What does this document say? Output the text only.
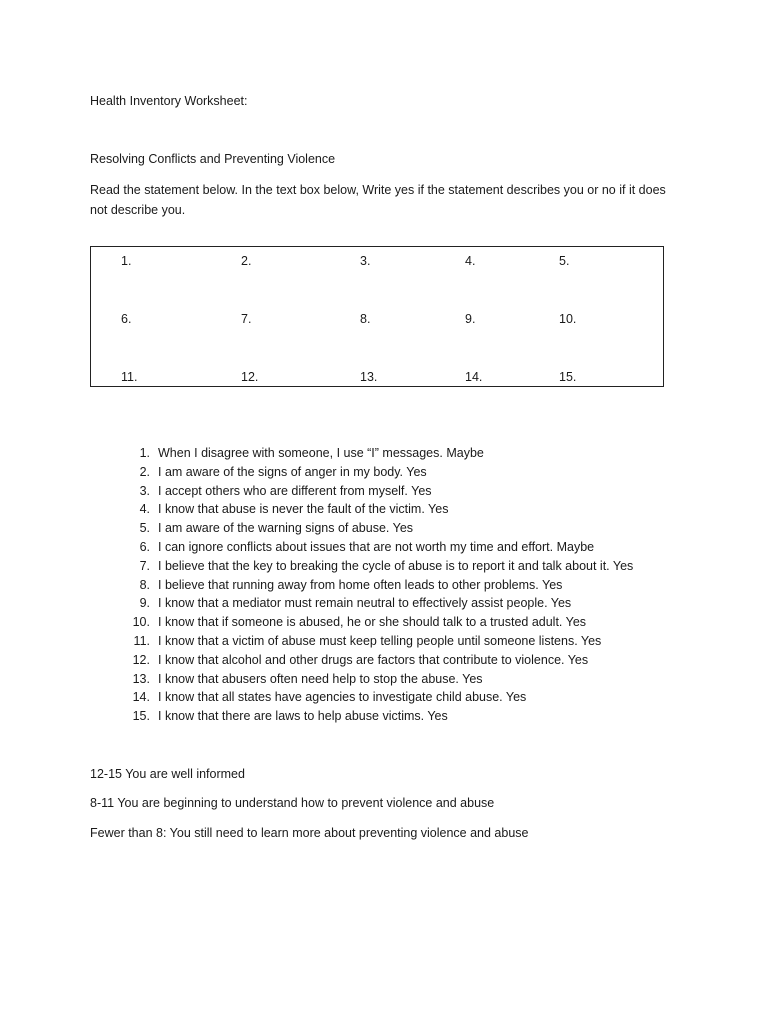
Health Inventory Worksheet:
Resolving Conflicts and Preventing Violence
Read the statement below. In the text box below, Write yes if the statement describes you or no if it does not describe you.
1.	2.	3.	4.	5.
6.	7.	8.	9.	10.
11.	12.	13.	14.	15.
1. When I disagree with someone, I use “I” messages. Maybe
2. I am aware of the signs of anger in my body. Yes
3. I accept others who are different from myself. Yes
4. I know that abuse is never the fault of the victim. Yes
5. I am aware of the warning signs of abuse. Yes
6. I can ignore conflicts about issues that are not worth my time and effort. Maybe
7. I believe that the key to breaking the cycle of abuse is to report it and talk about it. Yes
8. I believe that running away from home often leads to other problems. Yes
9. I know that a mediator must remain neutral to effectively assist people. Yes
10. I know that if someone is abused, he or she should talk to a trusted adult. Yes
11. I know that a victim of abuse must keep telling people until someone listens. Yes
12. I know that alcohol and other drugs are factors that contribute to violence. Yes
13. I know that abusers often need help to stop the abuse. Yes
14. I know that all states have agencies to investigate child abuse. Yes
15. I know that there are laws to help abuse victims. Yes
12-15 You are well informed
8-11 You are beginning to understand how to prevent violence and abuse
Fewer than 8: You still need to learn more about preventing violence and abuse
